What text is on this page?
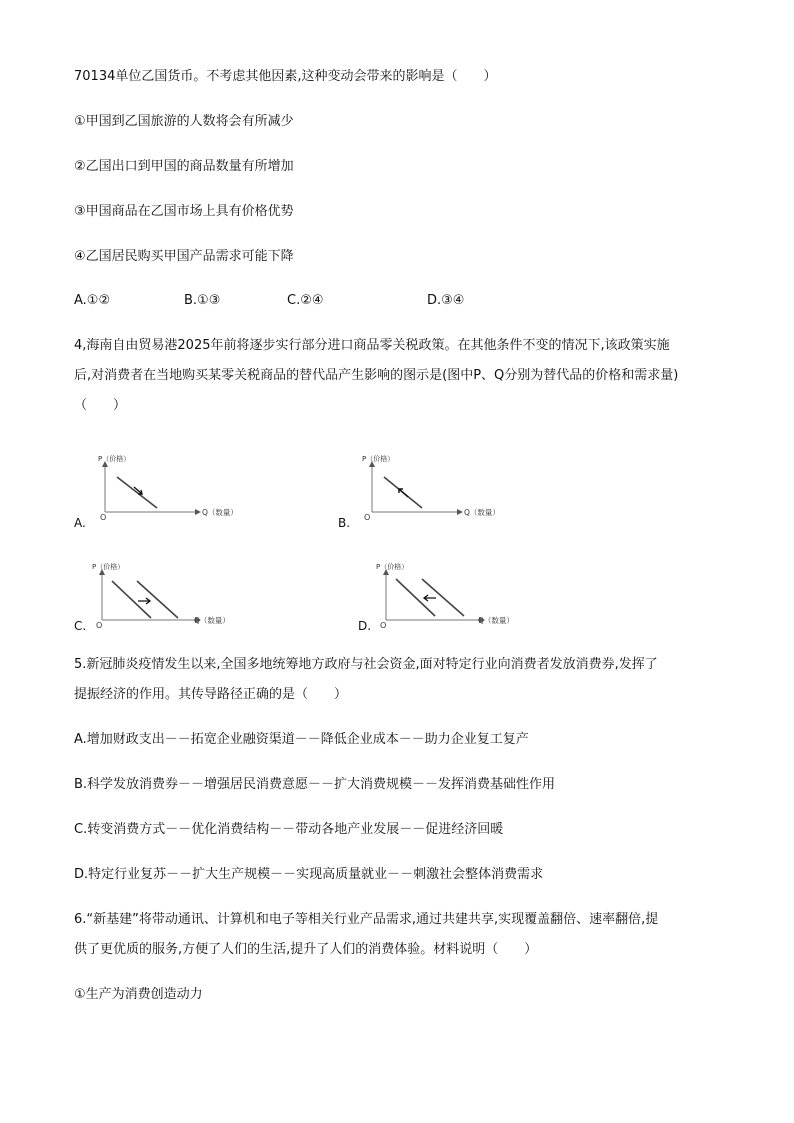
70134单位乙国货币。不考虑其他因素,这种变动会带来的影响是（　　）
①甲国到乙国旅游的人数将会有所减少
②乙国出口到甲国的商品数量有所增加
③甲国商品在乙国市场上具有价格优势
④乙国居民购买甲国产品需求可能下降
A.①②	B.①③	C.②④	D.③④
4,海南自由贸易港2025年前将逐步实行部分进口商品零关税政策。在其他条件不变的情况下,该政策实施
后,对消费者在当地购买某零关税商品的替代品产生影响的图示是(图中P、Q分别为替代品的价格和需求量)
（　　）
A.
P（价格）
O
Q（数量）
B.
P（价格）
O
Q（数量）
C.
P（价格）
O
Q（数量）	D.
P（价格）
O
Q（数量）
5.新冠肺炎疫情发生以来,全国多地统筹地方政府与社会资金,面对特定行业向消费者发放消费券,发挥了
提振经济的作用。其传导路径正确的是（　　）
A.增加财政支出－－拓宽企业融资渠道－－降低企业成本－－助力企业复工复产
B.科学发放消费券－－增强居民消费意愿－－扩大消费规模－－发挥消费基础性作用
C.转变消费方式－－优化消费结构－－带动各地产业发展－－促进经济回暖
D.特定行业复苏－－扩大生产规模－－实现高质量就业－－刺激社会整体消费需求
6.“新基建”将带动通讯、计算机和电子等相关行业产品需求,通过共建共享,实现覆盖翻倍、速率翻倍,提
供了更优质的服务,方便了人们的生活,提升了人们的消费体验。材料说明（　　）
①生产为消费创造动力
